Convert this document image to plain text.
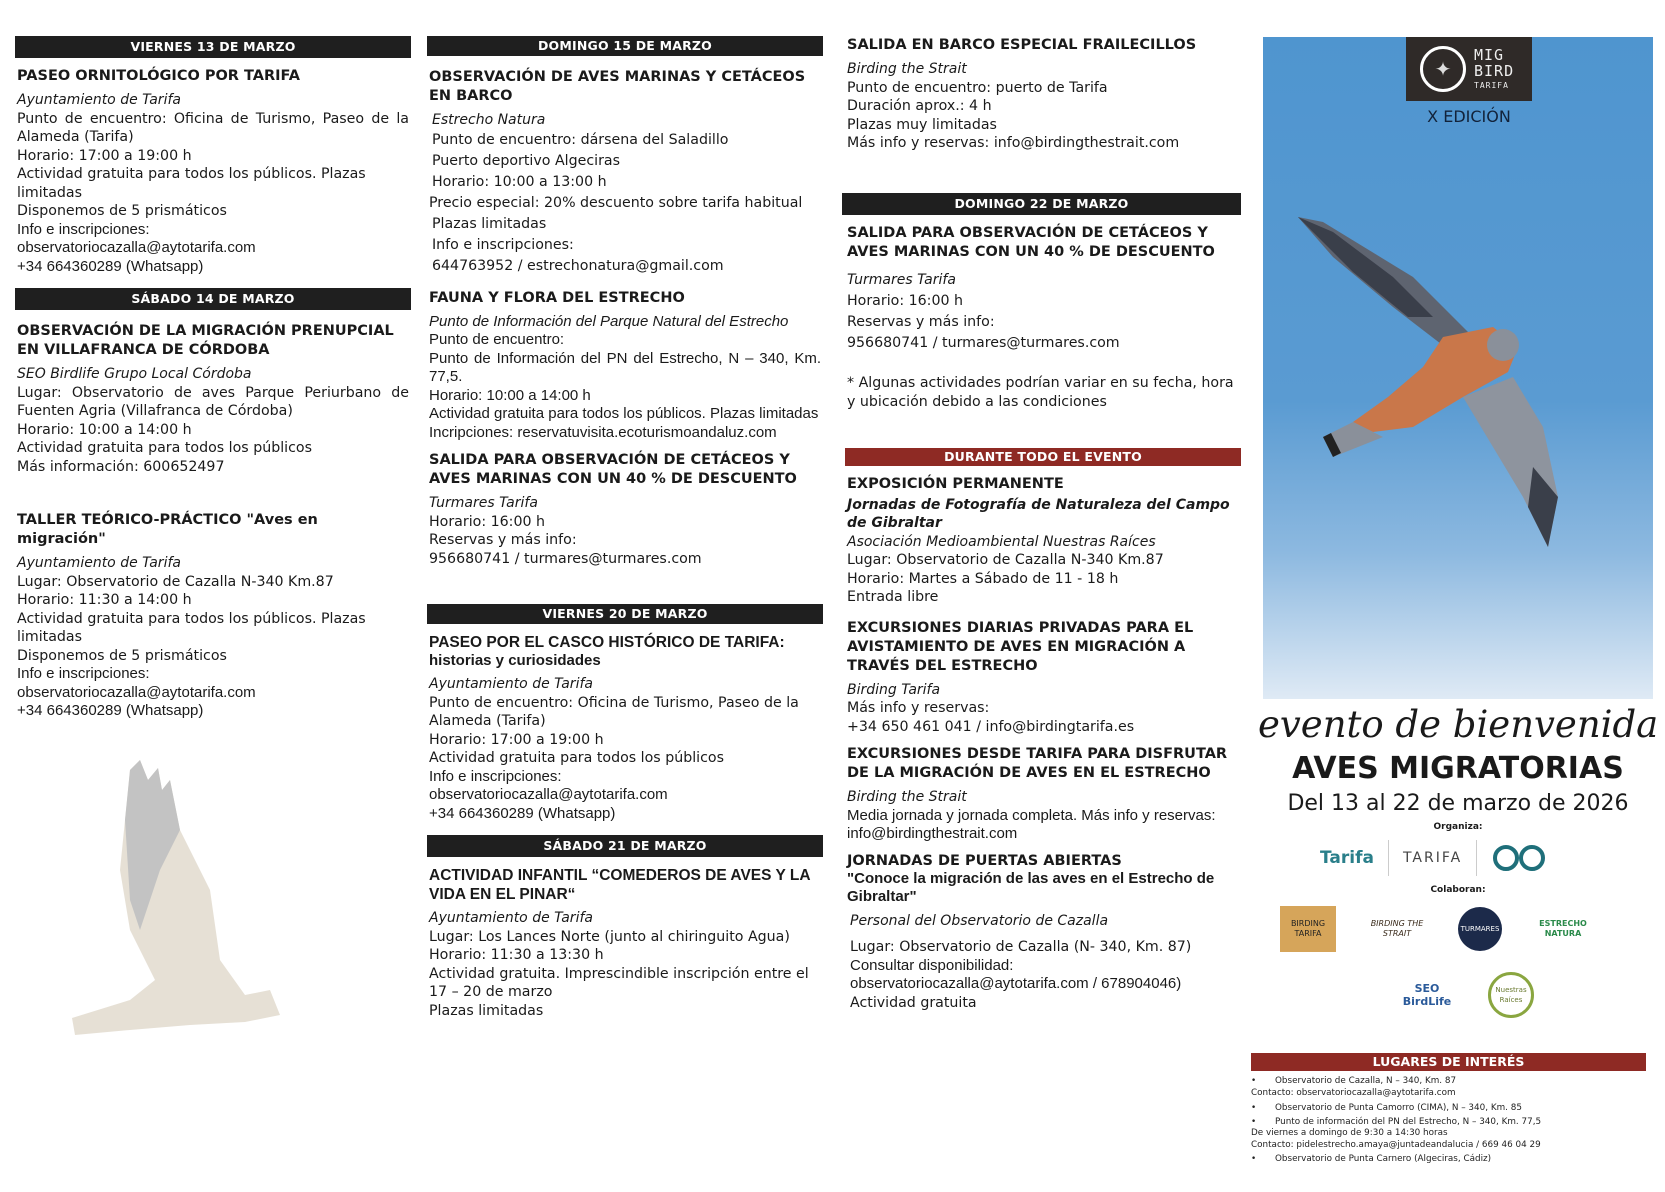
VIERNES 13 DE MARZO
PASEO ORNITOLÓGICO POR TARIFA
Ayuntamiento de Tarifa
Punto de encuentro: Oficina de Turismo, Paseo de la Alameda (Tarifa)
Horario: 17:00 a 19:00 h
Actividad gratuita para todos los públicos. Plazas limitadas
Disponemos de 5 prismáticos
Info e inscripciones:
observatoriocazalla@aytotarifa.com
+34 664360289 (Whatsapp)
SÁBADO 14 DE MARZO
OBSERVACIÓN DE LA MIGRACIÓN PRENUPCIAL EN VILLAFRANCA DE CÓRDOBA
SEO Birdlife Grupo Local Córdoba
Lugar: Observatorio de aves Parque Periurbano de Fuenten Agria (Villafranca de Córdoba)
Horario: 10:00 a 14:00 h
Actividad gratuita para todos los públicos
Más información: 600652497
TALLER TEÓRICO-PRÁCTICO "Aves en migración"
Ayuntamiento de Tarifa
Lugar: Observatorio de Cazalla N-340 Km.87
Horario: 11:30 a 14:00 h
Actividad gratuita para todos los públicos. Plazas limitadas
Disponemos de 5 prismáticos
Info e inscripciones:
observatoriocazalla@aytotarifa.com
+34 664360289 (Whatsapp)
DOMINGO 15 DE MARZO
OBSERVACIÓN DE AVES MARINAS Y CETÁCEOS EN BARCO
Estrecho Natura
Punto de encuentro: dársena del Saladillo
Puerto deportivo Algeciras
Horario: 10:00 a 13:00 h
Precio especial: 20% descuento sobre tarifa habitual
Plazas limitadas
Info e inscripciones:
644763952 / estrechonatura@gmail.com
FAUNA Y FLORA DEL ESTRECHO
Punto de Información del Parque Natural del Estrecho
Punto de encuentro:
Punto de Información del PN del Estrecho, N – 340, Km. 77,5.
Horario: 10:00 a 14:00 h
Actividad gratuita para todos los públicos. Plazas limitadas
Incripciones: reservatuvisita.ecoturismoandaluz.com
SALIDA PARA OBSERVACIÓN DE CETÁCEOS Y AVES MARINAS CON UN 40 % DE DESCUENTO
Turmares Tarifa
Horario: 16:00 h
Reservas y más info:
956680741 / turmares@turmares.com
VIERNES 20 DE MARZO
PASEO POR EL CASCO HISTÓRICO DE TARIFA:
historias y curiosidades
Ayuntamiento de Tarifa
Punto de encuentro: Oficina de Turismo, Paseo de la Alameda (Tarifa)
Horario: 17:00 a 19:00 h
Actividad gratuita para todos los públicos
Info e inscripciones:
observatoriocazalla@aytotarifa.com
+34 664360289 (Whatsapp)
SÁBADO 21 DE MARZO
ACTIVIDAD INFANTIL “COMEDEROS DE AVES Y LA VIDA EN EL PINAR“
Ayuntamiento de Tarifa
Lugar: Los Lances Norte (junto al chiringuito Agua)
Horario: 11:30 a 13:30 h
Actividad gratuita. Imprescindible inscripción entre el 17 – 20 de marzo
Plazas limitadas
SALIDA EN BARCO ESPECIAL FRAILECILLOS
Birding the Strait
Punto de encuentro: puerto de Tarifa
Duración aprox.: 4 h
Plazas muy limitadas
Más info y reservas: info@birdingthestrait.com
DOMINGO 22 DE MARZO
SALIDA PARA OBSERVACIÓN DE CETÁCEOS Y AVES MARINAS CON UN 40 % DE DESCUENTO
Turmares Tarifa
Horario: 16:00 h
Reservas y más info:
956680741 / turmares@turmares.com
* Algunas actividades podrían variar en su fecha, hora y ubicación debido a las condiciones
DURANTE TODO EL EVENTO
EXPOSICIÓN PERMANENTE
Jornadas de Fotografía de Naturaleza del Campo de Gibraltar
Asociación Medioambiental Nuestras Raíces
Lugar: Observatorio de Cazalla N-340 Km.87
Horario: Martes a Sábado de 11 - 18 h
Entrada libre
EXCURSIONES DIARIAS PRIVADAS PARA EL AVISTAMIENTO DE AVES EN MIGRACIÓN A TRAVÉS DEL ESTRECHO
Birding Tarifa
Más info y reservas:
+34 650 461 041 / info@birdingtarifa.es
EXCURSIONES DESDE TARIFA PARA DISFRUTAR DE LA MIGRACIÓN DE AVES EN EL ESTRECHO
Birding the Strait
Media jornada y jornada completa. Más info y reservas:
info@birdingthestrait.com
JORNADAS DE PUERTAS ABIERTAS
"Conoce la migración de las aves en el Estrecho de Gibraltar"
Personal del Observatorio de Cazalla
Lugar: Observatorio de Cazalla (N- 340, Km. 87)
Consultar disponibilidad:
observatoriocazalla@aytotarifa.com / 678904046)
Actividad gratuita
✦
MIG
BIRD
TARIFA
X EDICIÓN
evento de bienvenida
AVES MIGRATORIAS
Del 13 al 22 de marzo de 2026
Organiza:
Tarifa TARIFA
Colaboran:
BIRDING TARIFA
BIRDING THE STRAIT	TURMARES
ESTRECHO NATURA
SEO BirdLife
Nuestras Raíces
LUGARES DE INTERÉS
•	Observatorio de Cazalla, N – 340, Km. 87
Contacto: observatoriocazalla@aytotarifa.com
•	Observatorio de Punta Camorro (CIMA), N – 340, Km. 85
•	Punto de información del PN del Estrecho, N – 340, Km. 77,5
De viernes a domingo de 9:30 a 14:30 horas
Contacto: pidelestrecho.amaya@juntadeandalucia / 669 46 04 29
•	Observatorio de Punta Carnero (Algeciras, Cádiz)
